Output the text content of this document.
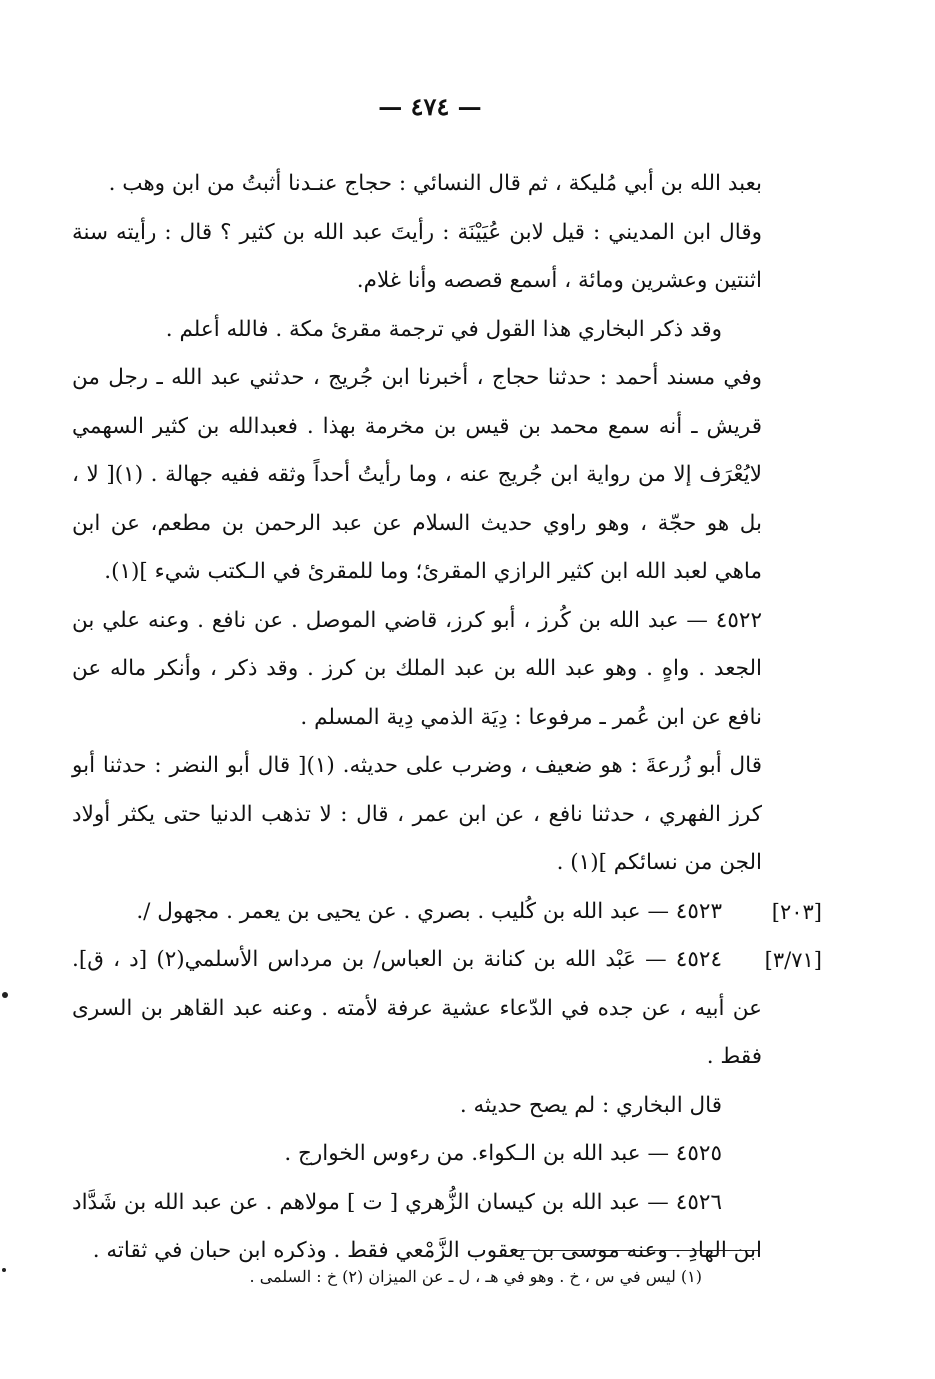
— ٤٧٤ —

بعبد الله بن أبي مُليكة ، ثم قال النسائي : حجاج عنـدنا أثبتُ من ابن وهب .

وقال ابن المديني : قيل لابن عُيَيْنَة : رأيتَ عبد الله بن كثير ؟ قال : رأيته سنة اثنتين وعشرين ومائة ، أسمع قصصه وأنا غلام.

وقد ذكر البخاري هذا القول في ترجمة مقرئ مكة . فالله أعلم .

وفي مسند أحمد : حدثنا حجاج ، أخبرنا ابن جُريج ، حدثني عبد الله ـ رجل من قريش ـ أنه سمع محمد بن قيس بن مخرمة بهذا . فعبدالله بن كثير السهمي لايُعْرَف إلا من رواية ابن جُريج عنه ، وما رأيتُ أحداً وثقه ففيه جهالة . (١)[ لا ، بل هو حجّة ، وهو راوي حديث السلام عن عبد الرحمن بن مطعم، عن ابن ماهي لعبد الله ابن كثير الرازي المقرئ؛ وما للمقرئ في الـكتب شيء ](١).

٤٥٢٢ — عبد الله بن كُرز ، أبو كرز، قاضي الموصل . عن نافع . وعنه علي بن الجعد . واهٍ . وهو عبد الله بن عبد الملك بن كرز . وقد ذكر ، وأنكر ماله عن نافع عن ابن عُمر ـ مرفوعا : دِيَة الذمي دِية المسلم .

قال أبو زُرعةَ : هو ضعيف ، وضرب على حديثه. (١)[ قال أبو النضر : حدثنا أبو كرز الفهري ، حدثنا نافع ، عن ابن عمر ، قال : لا تذهب الدنيا حتى يكثر أولاد الجن من نسائكم ](١) .

[٢٠٣]

٤٥٢٣ — عبد الله بن كُليب . بصري . عن يحيى بن يعمر . مجهول /.

[٣/٧١]

٤٥٢٤ — عَبْد الله بن كنانة بن العباس/ بن مرداس الأسلمي(٢) [د ، ق]. عن أبيه ، عن جده في الدّعاء عشية عرفة لأمته . وعنه عبد القاهر بن السرى فقط .

قال البخاري : لم يصح حديثه .

٤٥٢٥ — عبد الله بن الـكواء. من رءوس الخوارج .

٤٥٢٦ — عبد الله بن كيسان الزُّهري [ ت ] مولاهم . عن عبد الله بن شَدَّاد ابن الهادِ . وعنه موسى بن يعقوب الزَّمْعي فقط . وذكره ابن حبان في ثقاته .

(١) ليس في س ، خ . وهو في هـ ، ل ـ عن الميزان (٢) خ : السلمى .
